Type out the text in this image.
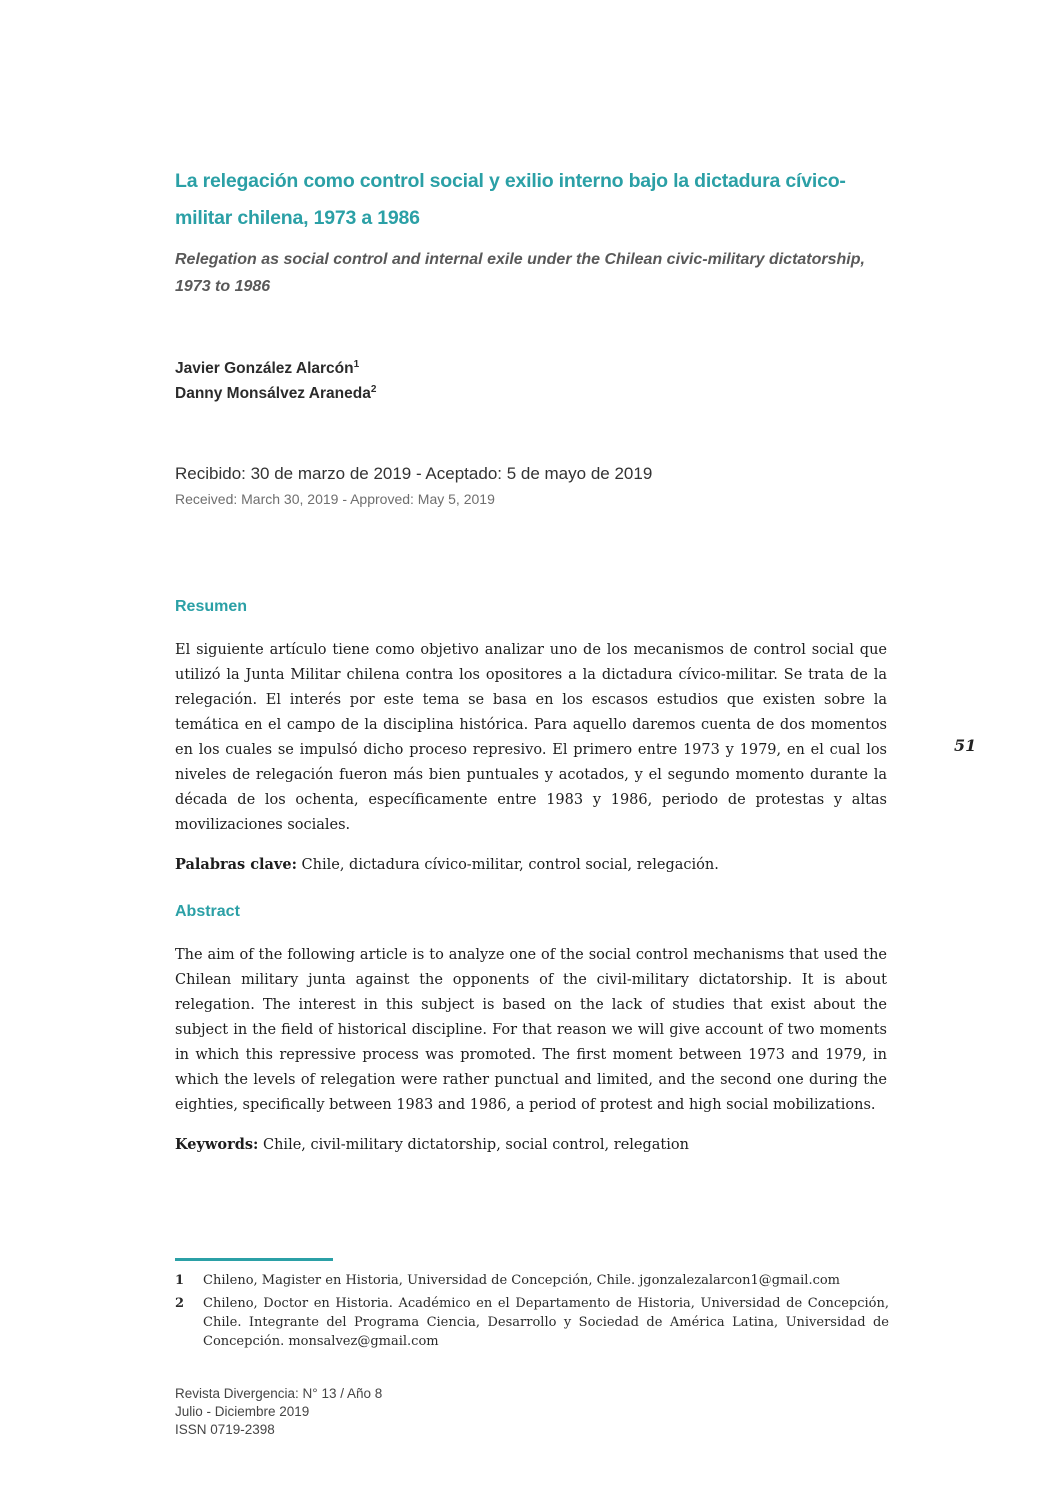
La relegación como control social y exilio interno bajo la dictadura cívico-militar chilena, 1973 a 1986
Relegation as social control and internal exile under the Chilean civic-military dictatorship, 1973 to 1986
Javier González Alarcón$^1$
Danny Monsálvez Araneda$^2$
Recibido: 30 de marzo de 2019 - Aceptado: 5 de mayo de 2019
Received: March 30, 2019 - Approved: May 5, 2019
Resumen

El siguiente artículo tiene como objetivo analizar uno de los mecanismos de control social que utilizó la Junta Militar chilena contra los opositores a la dictadura cívico-militar. Se trata de la relegación. El interés por este tema se basa en los escasos estudios que existen sobre la temática en el campo de la disciplina histórica. Para aquello daremos cuenta de dos momentos en los cuales se impulsó dicho proceso represivo. El primero entre 1973 y 1979, en el cual los niveles de relegación fueron más bien puntuales y acotados, y el segundo momento durante la década de los ochenta, específicamente entre 1983 y 1986, periodo de protestas y altas movilizaciones sociales.

Palabras clave: Chile, dictadura cívico-militar, control social, relegación.

Abstract

The aim of the following article is to analyze one of the social control mechanisms that used the Chilean military junta against the opponents of the civil-military dictatorship. It is about relegation. The interest in this subject is based on the lack of studies that exist about the subject in the field of historical discipline. For that reason we will give account of two moments in which this repressive process was promoted. The first moment between 1973 and 1979, in which the levels of relegation were rather punctual and limited, and the second one during the eighties, specifically between 1983 and 1986, a period of protest and high social mobilizations.

Keywords: Chile, civil-military dictatorship, social control, relegation

51
1	Chileno, Magister en Historia, Universidad de Concepción, Chile. jgonzalezalarcon1@gmail.com
2	Chileno, Doctor en Historia. Académico en el Departamento de Historia, Universidad de Concepción, Chile. Integrante del Programa Ciencia, Desarrollo y Sociedad de América Latina, Universidad de Concepción. monsalvez@gmail.com
Revista Divergencia: N° 13 / Año 8
Julio - Diciembre 2019
ISSN 0719-2398
